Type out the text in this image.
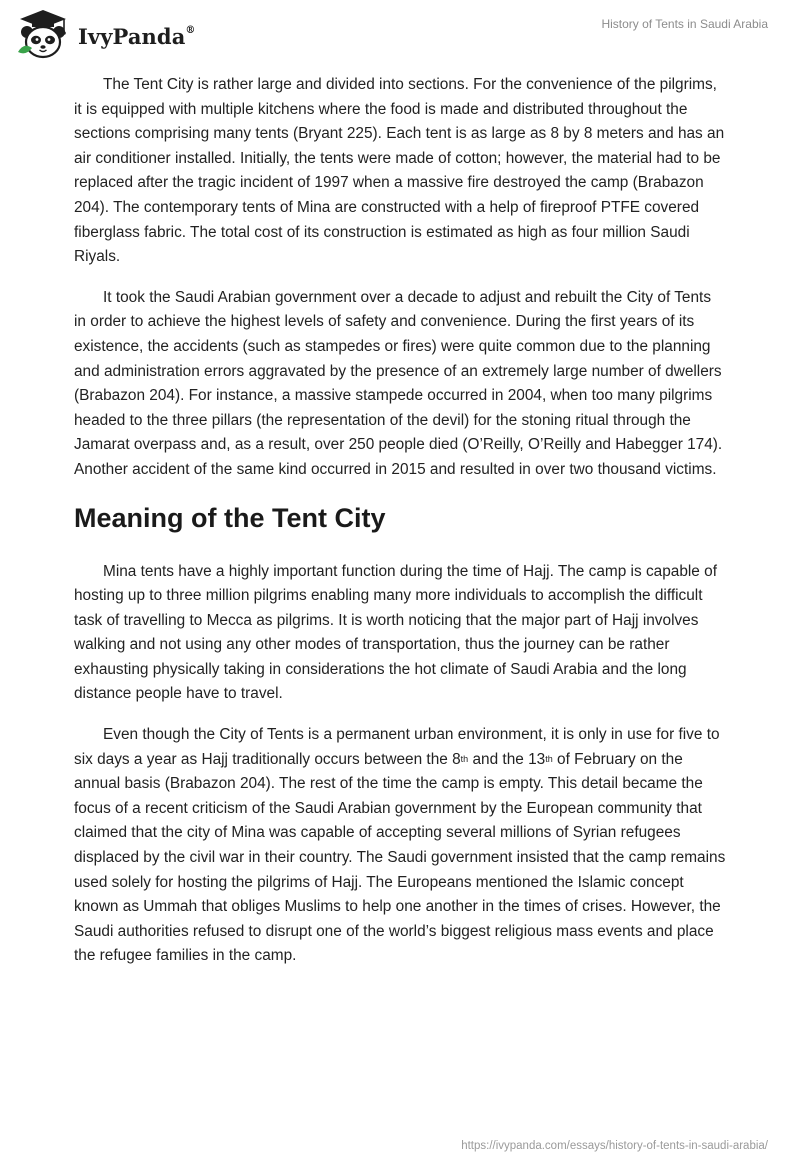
IvyPanda®	History of Tents in Saudi Arabia

The Tent City is rather large and divided into sections. For the convenience of the pilgrims, it is equipped with multiple kitchens where the food is made and distributed throughout the sections comprising many tents (Bryant 225). Each tent is as large as 8 by 8 meters and has an air conditioner installed. Initially, the tents were made of cotton; however, the material had to be replaced after the tragic incident of 1997 when a massive fire destroyed the camp (Brabazon 204). The contemporary tents of Mina are constructed with a help of fireproof PTFE covered fiberglass fabric. The total cost of its construction is estimated as high as four million Saudi Riyals.

It took the Saudi Arabian government over a decade to adjust and rebuilt the City of Tents in order to achieve the highest levels of safety and convenience. During the first years of its existence, the accidents (such as stampedes or fires) were quite common due to the planning and administration errors aggravated by the presence of an extremely large number of dwellers (Brabazon 204). For instance, a massive stampede occurred in 2004, when too many pilgrims headed to the three pillars (the representation of the devil) for the stoning ritual through the Jamarat overpass and, as a result, over 250 people died (O’Reilly, O’Reilly and Habegger 174). Another accident of the same kind occurred in 2015 and resulted in over two thousand victims.

Meaning of the Tent City

Mina tents have a highly important function during the time of Hajj. The camp is capable of hosting up to three million pilgrims enabling many more individuals to accomplish the difficult task of travelling to Mecca as pilgrims. It is worth noticing that the major part of Hajj involves walking and not using any other modes of transportation, thus the journey can be rather exhausting physically taking in considerations the hot climate of Saudi Arabia and the long distance people have to travel.

Even though the City of Tents is a permanent urban environment, it is only in use for five to six days a year as Hajj traditionally occurs between the 8th and the 13th of February on the annual basis (Brabazon 204). The rest of the time the camp is empty. This detail became the focus of a recent criticism of the Saudi Arabian government by the European community that claimed that the city of Mina was capable of accepting several millions of Syrian refugees displaced by the civil war in their country. The Saudi government insisted that the camp remains used solely for hosting the pilgrims of Hajj. The Europeans mentioned the Islamic concept known as Ummah that obliges Muslims to help one another in the times of crises. However, the Saudi authorities refused to disrupt one of the world’s biggest religious mass events and place the refugee families in the camp.

https://ivypanda.com/essays/history-of-tents-in-saudi-arabia/
